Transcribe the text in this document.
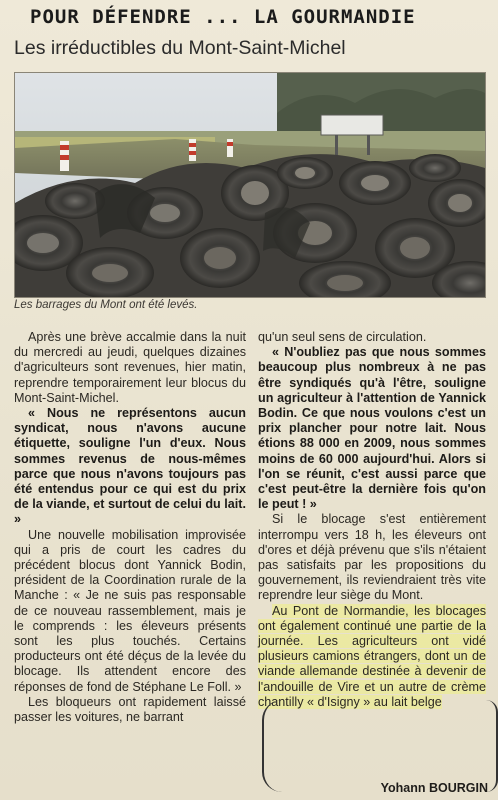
POUR DÉFENDRE ... LA GOURMANDIE
Les irréductibles du Mont-Saint-Michel
Les barrages du Mont ont été levés.

Après une brève accalmie dans la nuit du mercredi au jeudi, quelques dizaines d'agriculteurs sont revenues, hier matin, reprendre temporairement leur blocus du Mont-Saint-Michel.

« Nous ne représentons aucun syndicat, nous n'avons aucune étiquette, souligne l'un d'eux. Nous sommes revenus de nous-mêmes parce que nous n'avons toujours pas été entendus pour ce qui est du prix de la viande, et surtout de celui du lait. »

Une nouvelle mobilisation improvisée qui a pris de court les cadres du précédent blocus dont Yannick Bodin, président de la Coordination rurale de la Manche : « Je ne suis pas responsable de ce nouveau rassemblement, mais je le comprends : les éleveurs présents sont les plus touchés. Certains producteurs ont été déçus de la levée du blocage. Ils attendent encore des réponses de fond de Stéphane Le Foll. »

Les bloqueurs ont rapidement laissé passer les voitures, ne barrant

qu'un seul sens de circulation.

« N'oubliez pas que nous sommes beaucoup plus nombreux à ne pas être syndiqués qu'à l'être, souligne un agriculteur à l'attention de Yannick Bodin. Ce que nous voulons c'est un prix plancher pour notre lait. Nous étions 88 000 en 2009, nous sommes moins de 60 000 aujourd'hui. Alors si l'on se réunit, c'est aussi parce que c'est peut-être la dernière fois qu'on le peut ! »

Si le blocage s'est entièrement interrompu vers 18 h, les éleveurs ont d'ores et déjà prévenu que s'ils n'étaient pas satisfaits par les propositions du gouvernement, ils reviendraient très vite reprendre leur siège du Mont.

Au Pont de Normandie, les blocages ont également continué une partie de la journée. Les agriculteurs ont vidé plusieurs camions étrangers, dont un de viande allemande destinée à devenir de l'andouille de Vire et un autre de crème chantilly « d'Isigny » au lait belge

Yohann BOURGIN
